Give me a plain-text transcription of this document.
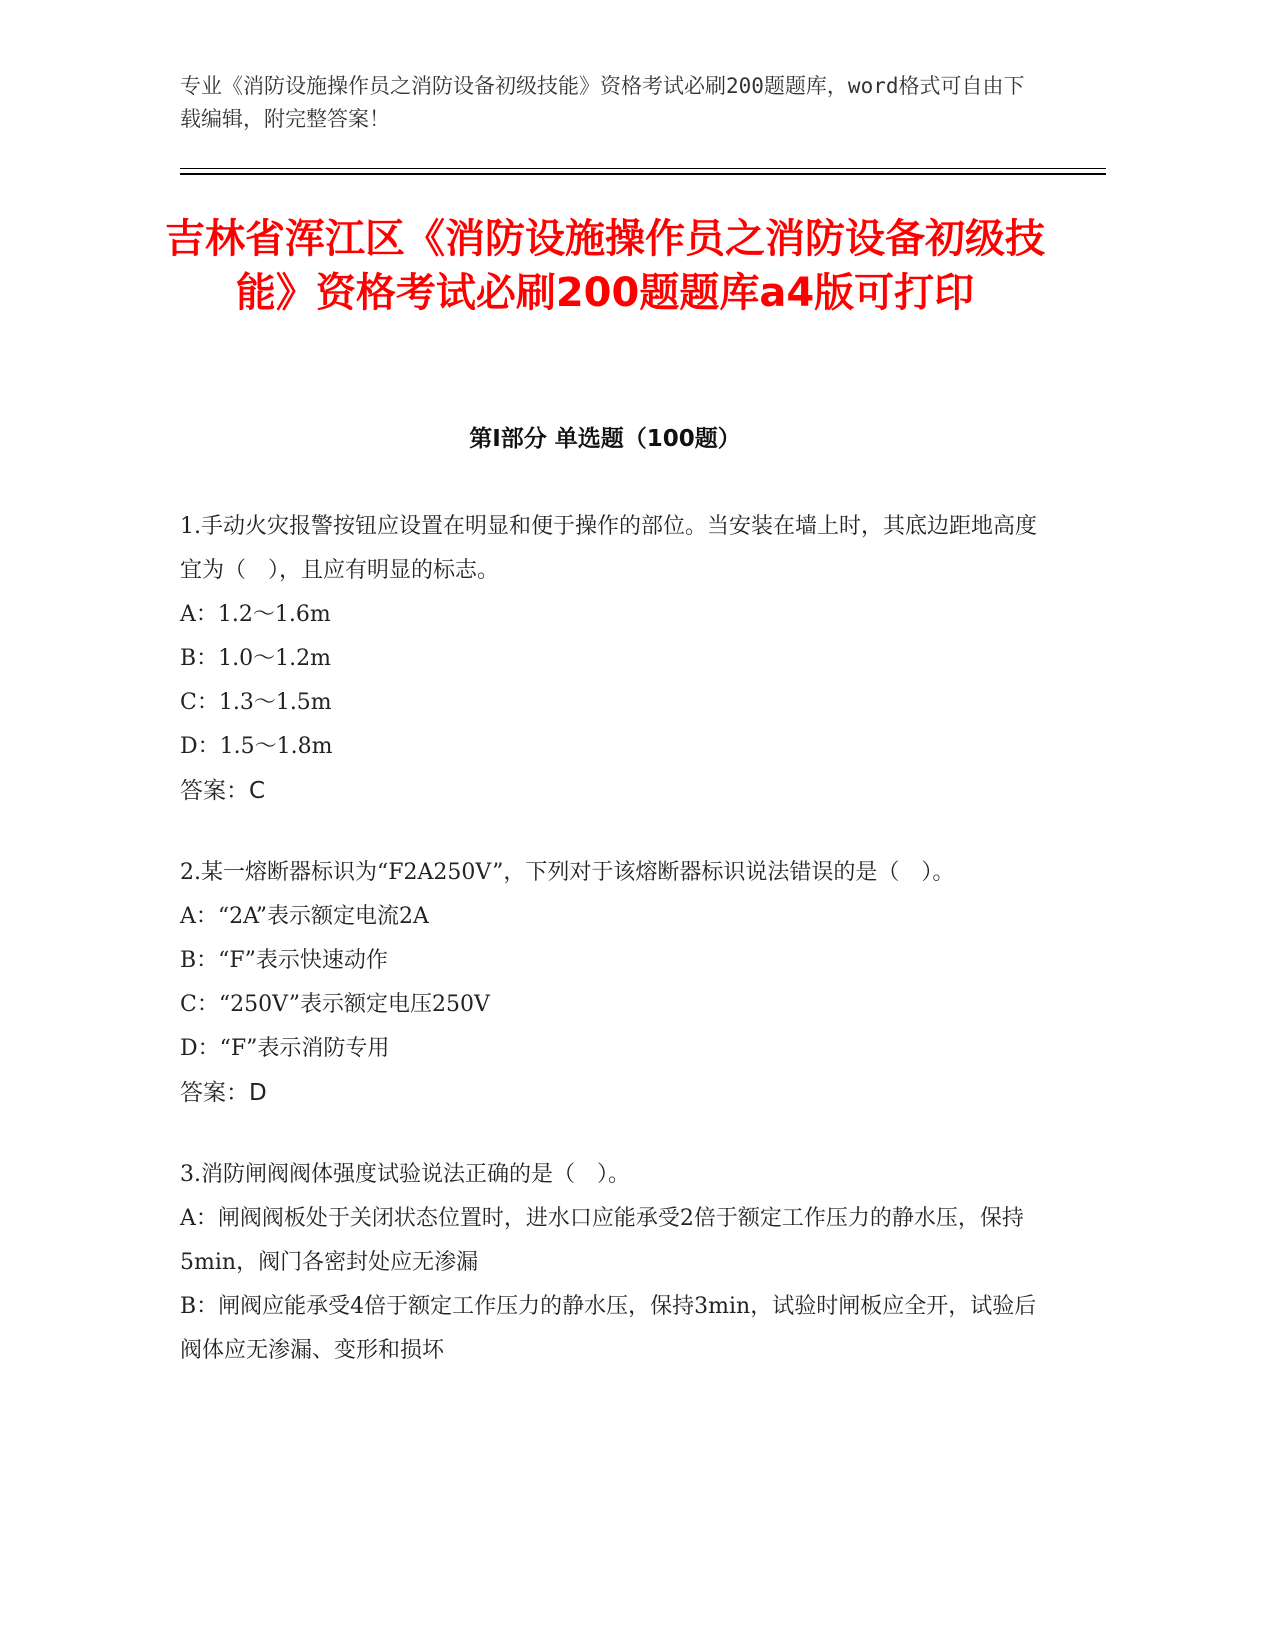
专业《消防设施操作员之消防设备初级技能》资格考试必刷200题题库，word格式可自由下载编辑，附完整答案！
吉林省浑江区《消防设施操作员之消防设备初级技能》资格考试必刷200题题库a4版可打印
第Ⅰ部分 单选题（100题）

1.手动火灾报警按钮应设置在明显和便于操作的部位。当安装在墙上时，其底边距地高度宜为（　），且应有明显的标志。

A：1.2～1.6m

B：1.0～1.2m

C：1.3～1.5m

D：1.5～1.8m

答案：C

2.某一熔断器标识为“F2A250V”，下列对于该熔断器标识说法错误的是（　）。

A：“2A”表示额定电流2A

B：“F”表示快速动作

C：“250V”表示额定电压250V

D：“F”表示消防专用

答案：D

3.消防闸阀阀体强度试验说法正确的是（　）。

A：闸阀阀板处于关闭状态位置时，进水口应能承受2倍于额定工作压力的静水压，保持5min，阀门各密封处应无渗漏

B：闸阀应能承受4倍于额定工作压力的静水压，保持3min，试验时闸板应全开，试验后阀体应无渗漏、变形和损坏
